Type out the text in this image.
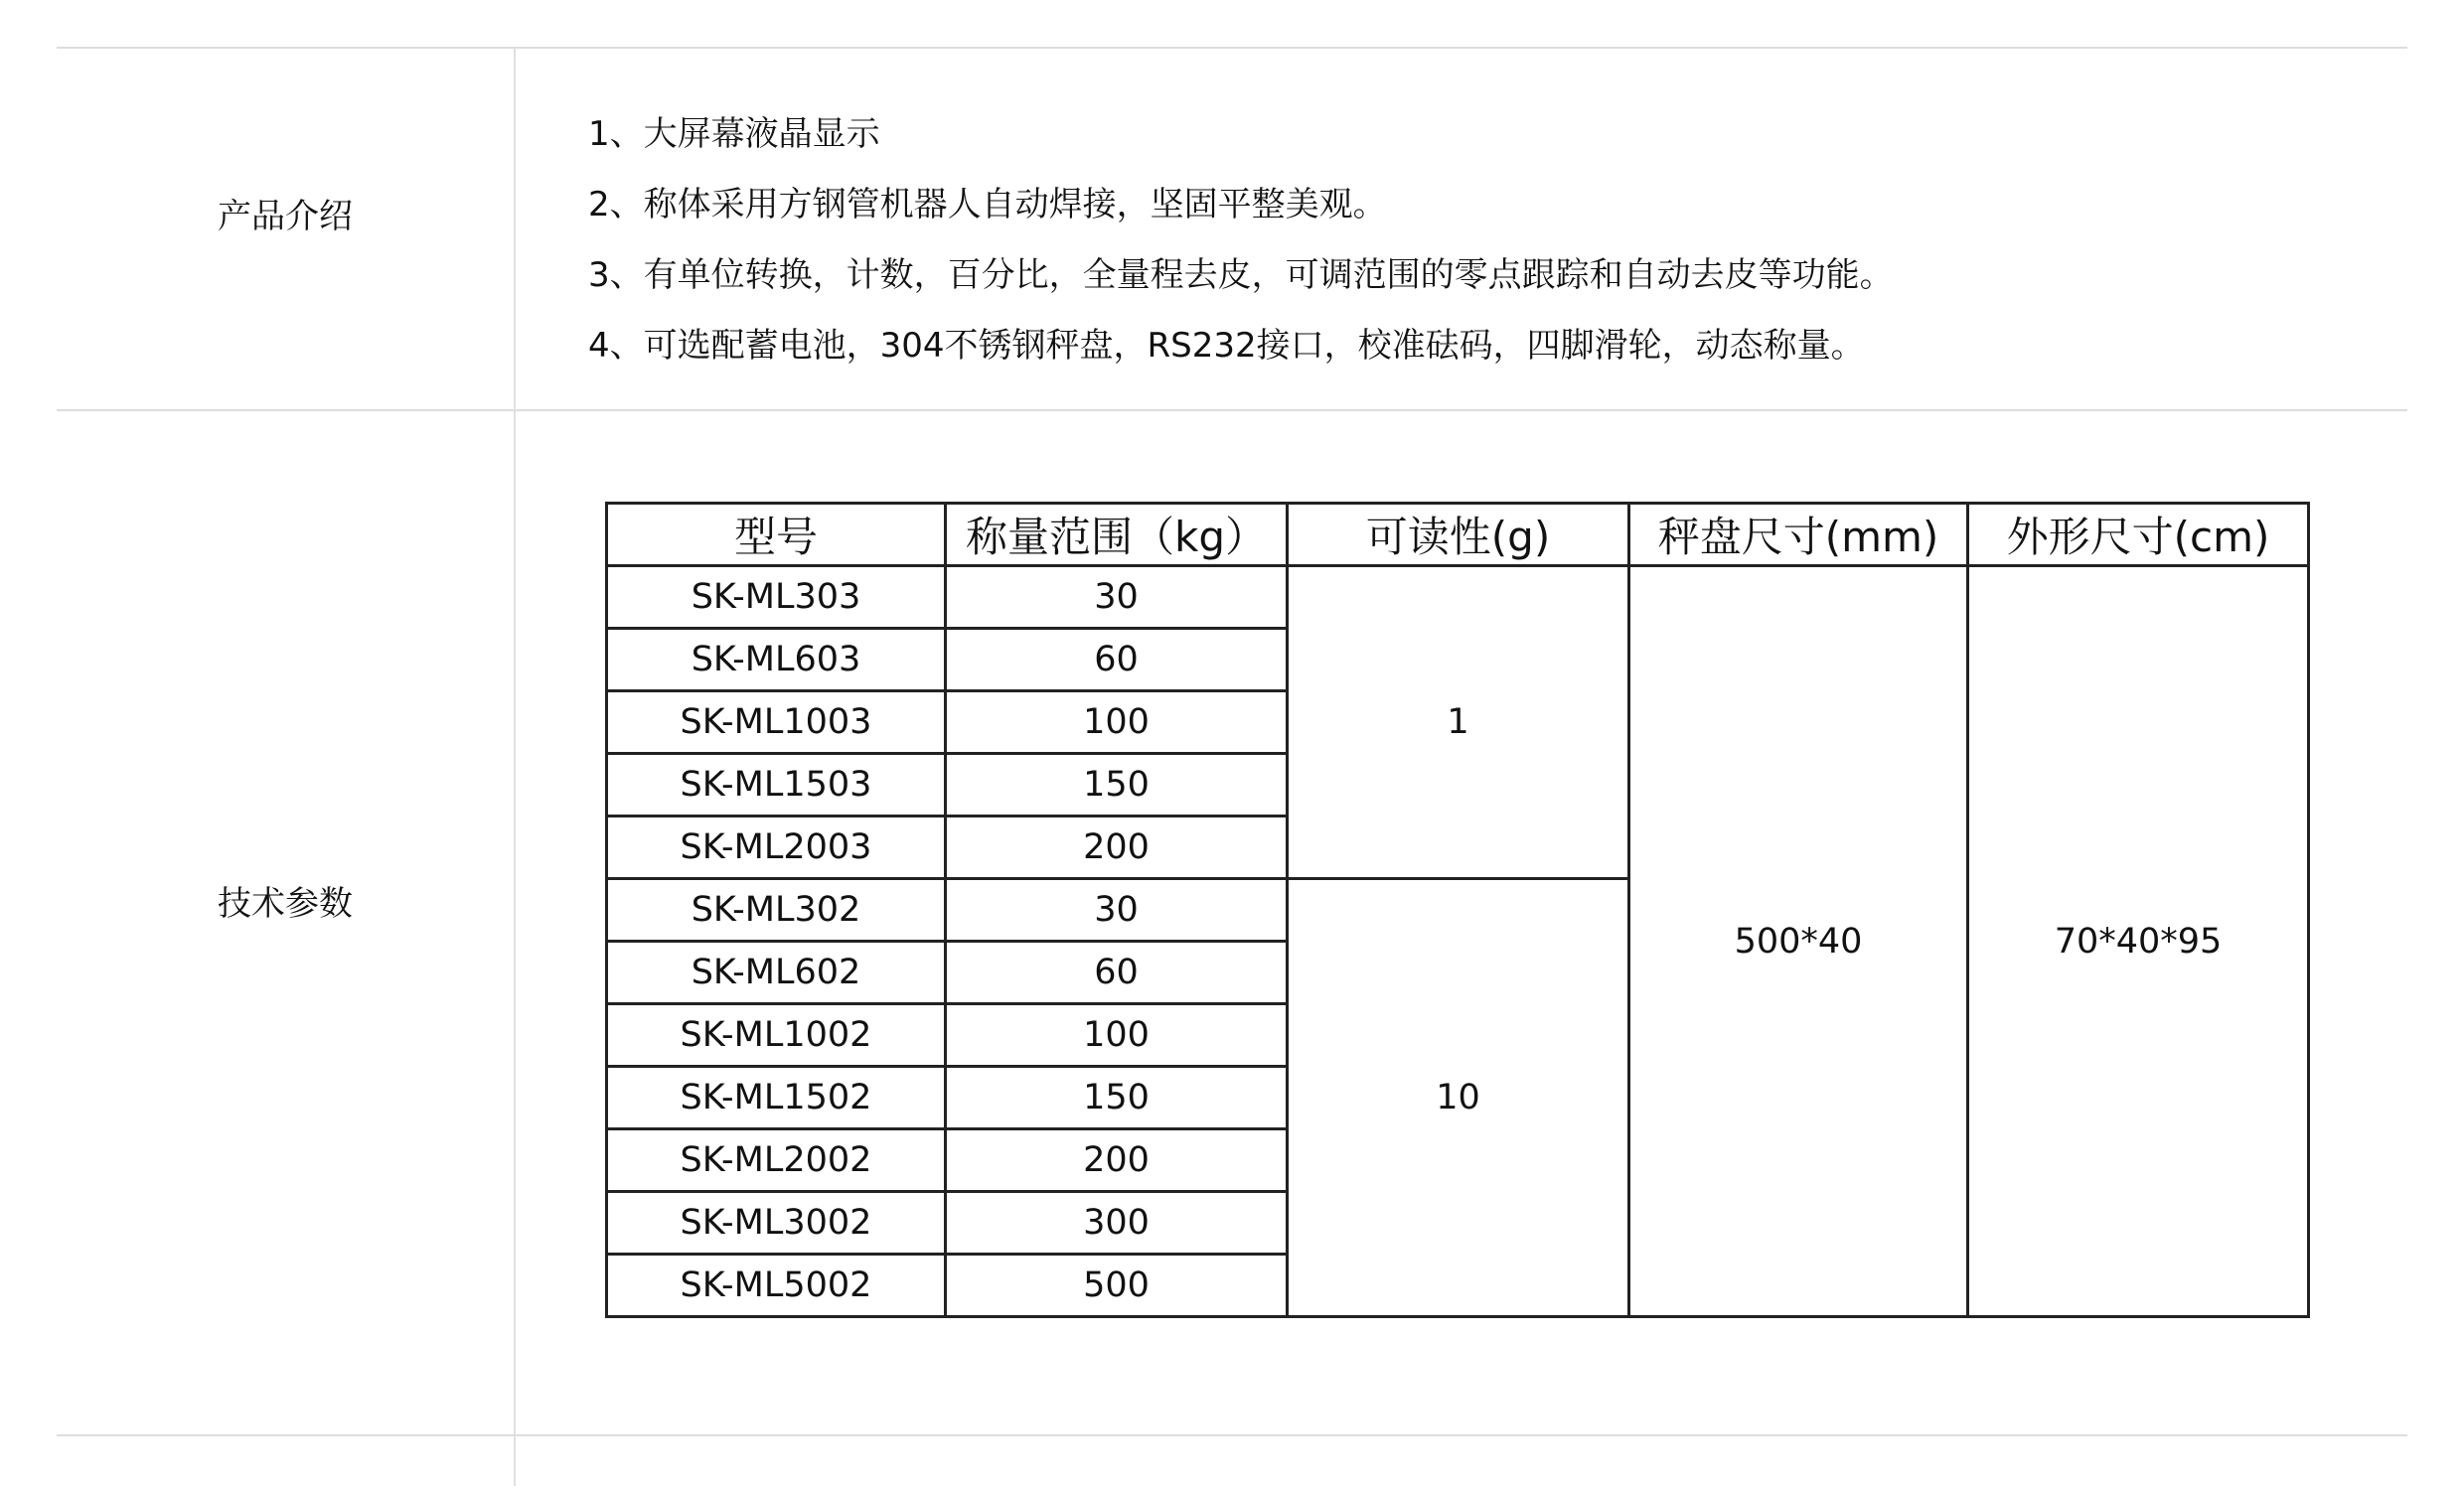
产品介绍
1、大屏幕液晶显示
2、称体采用方钢管机器人自动焊接，坚固平整美观。
3、有单位转换，计数，百分比，全量程去皮，可调范围的零点跟踪和自动去皮等功能。
4、可选配蓄电池，304不锈钢秤盘，RS232接口，校准砝码，四脚滑轮，动态称量。
技术参数
型号	称量范围（kg）	可读性(g)	秤盘尺寸(mm)	外形尺寸(cm)
SK-ML303	30	1	500*40	70*40*95
SK-ML603	60			
SK-ML1003	100			
SK-ML1503	150			
SK-ML2003	200			
SK-ML302	30	10		
SK-ML602	60			
SK-ML1002	100			
SK-ML1502	150			
SK-ML2002	200			
SK-ML3002	300			
SK-ML5002	500			
